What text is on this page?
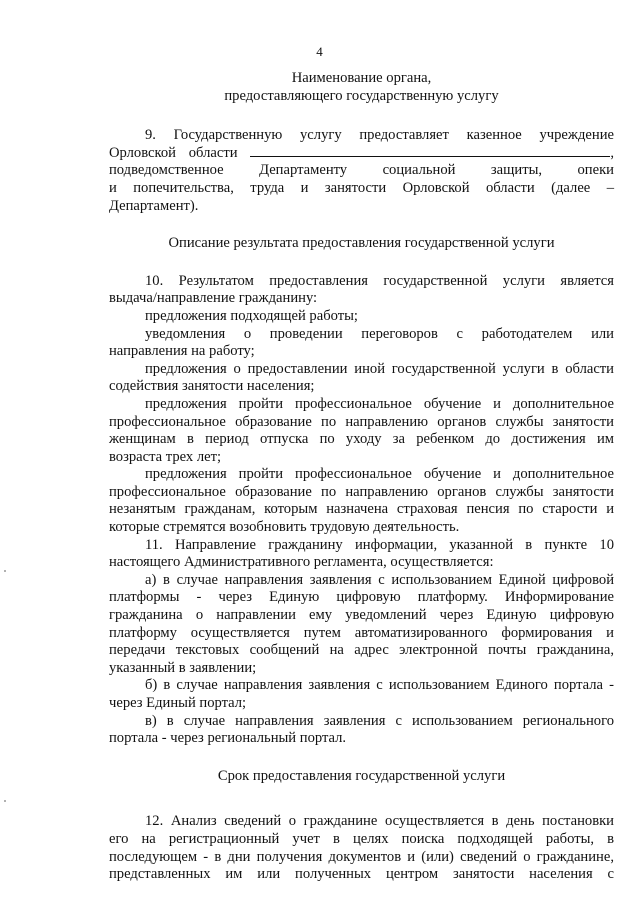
4
Наименование органа,
предоставляющего государственную услугу
9. Государственную услугу предоставляет казенное учреждение
Орловской области	,
подведомственное Департаменту социальной защиты, опеки
и попечительства, труда и занятости Орловской области (далее –
Департамент).
Описание результата предоставления государственной услуги
10. Результатом предоставления государственной услуги является
выдача/направление гражданину:
предложения подходящей работы;
уведомления о проведении переговоров с работодателем или
направления на работу;
предложения о предоставлении иной государственной услуги в области
содействия занятости населения;
предложения пройти профессиональное обучение и дополнительное
профессиональное образование по направлению органов службы занятости
женщинам в период отпуска по уходу за ребенком до достижения им
возраста трех лет;
предложения пройти профессиональное обучение и дополнительное
профессиональное образование по направлению органов службы занятости
незанятым гражданам, которым назначена страховая пенсия по старости и
которые стремятся возобновить трудовую деятельность.
11. Направление гражданину информации, указанной в пункте 10
настоящего Административного регламента, осуществляется:
а) в случае направления заявления с использованием Единой цифровой
платформы - через Единую цифровую платформу. Информирование
гражданина о направлении ему уведомлений через Единую цифровую
платформу осуществляется путем автоматизированного формирования и
передачи текстовых сообщений на адрес электронной почты гражданина,
указанный в заявлении;
б) в случае направления заявления с использованием Единого портала -
через Единый портал;
в) в случае направления заявления с использованием регионального
портала - через региональный портал.
Срок предоставления государственной услуги
12. Анализ сведений о гражданине осуществляется в день постановки
его на регистрационный учет в целях поиска подходящей работы, в
последующем - в дни получения документов и (или) сведений о гражданине,
представленных им или полученных центром занятости населения с
